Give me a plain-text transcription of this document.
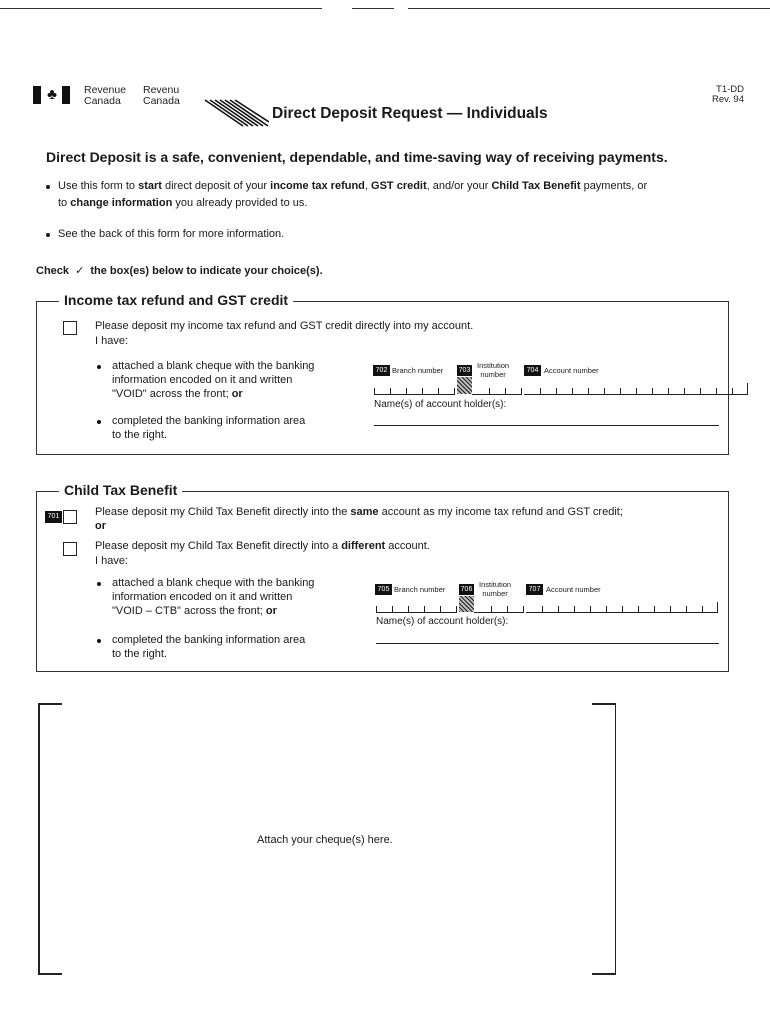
♣	Revenue
Canada
Revenu
Canada
T1-DD
Rev. 94
Direct Deposit Request — Individuals
Direct Deposit is a safe, convenient, dependable, and time-saving way of receiving payments.
Use this form to start direct deposit of your income tax refund, GST credit, and/or your Child Tax Benefit payments, or
to change information you already provided to us.
See the back of this form for more information.
Check ✓ the box(es) below to indicate your choice(s).
Income tax refund and GST credit
Please deposit my income tax refund and GST credit directly into my account.
I have:
attached a blank cheque with the banking
information encoded on it and written
"VOID" across the front; or
completed the banking information area
to the right.
702 Branch number 703
Institution
number	704 Account number
Name(s) of account holder(s):
Child Tax Benefit
701	Please deposit my Child Tax Benefit directly into the same account as my income tax refund and GST credit;
or
Please deposit my Child Tax Benefit directly into a different account.
I have:
attached a blank cheque with the banking
information encoded on it and written
"VOID – CTB" across the front; or
completed the banking information area
to the right.
705 Branch number 706
Institution
number	707 Account number
Name(s) of account holder(s):
Attach your cheque(s) here.
